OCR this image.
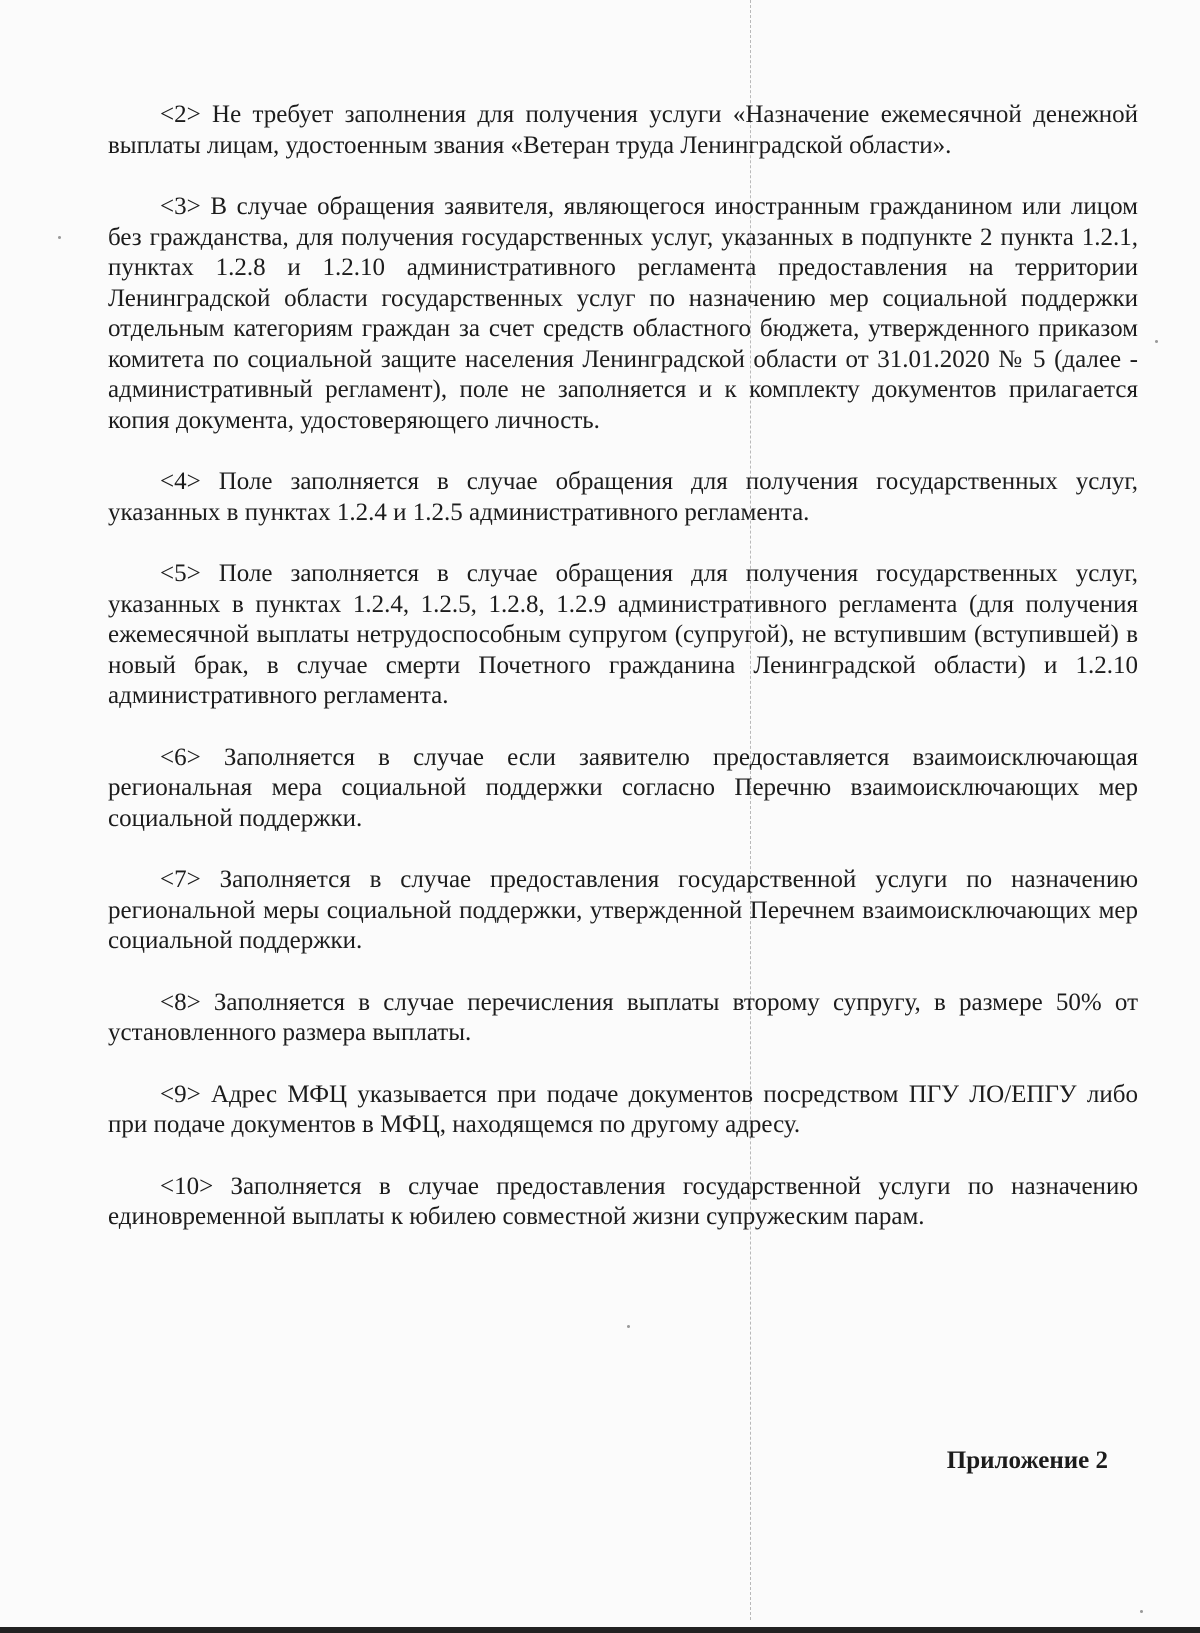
<2> Не требует заполнения для получения услуги «Назначение ежемесячной денежной выплаты лицам, удостоенным звания «Ветеран труда Ленинградской области».

<3> В случае обращения заявителя, являющегося иностранным гражданином или лицом без гражданства, для получения государственных услуг, указанных в подпункте 2 пункта 1.2.1, пунктах 1.2.8 и 1.2.10 административного регламента предоставления на территории Ленинградской области государственных услуг по назначению мер социальной поддержки отдельным категориям граждан за счет средств областного бюджета, утвержденного приказом комитета по социальной защите населения Ленинградской области от 31.01.2020 № 5 (далее - административный регламент), поле не заполняется и к комплекту документов прилагается копия документа, удостоверяющего личность.

<4> Поле заполняется в случае обращения для получения государственных услуг, указанных в пунктах 1.2.4 и 1.2.5 административного регламента.

<5> Поле заполняется в случае обращения для получения государственных услуг, указанных в пунктах 1.2.4, 1.2.5, 1.2.8, 1.2.9 административного регламента (для получения ежемесячной выплаты нетрудоспособным супругом (супругой), не вступившим (вступившей) в новый брак, в случае смерти Почетного гражданина Ленинградской области) и 1.2.10 административного регламента.

<6> Заполняется в случае если заявителю предоставляется взаимоисключающая региональная мера социальной поддержки согласно Перечню взаимоисключающих мер социальной поддержки.

<7> Заполняется в случае предоставления государственной услуги по назначению региональной меры социальной поддержки, утвержденной Перечнем взаимоисключающих мер социальной поддержки.

<8> Заполняется в случае перечисления выплаты второму супругу, в размере 50% от установленного размера выплаты.

<9> Адрес МФЦ указывается при подаче документов посредством ПГУ ЛО/ЕПГУ либо при подаче документов в МФЦ, находящемся по другому адресу.

<10> Заполняется в случае предоставления государственной услуги по назначению единовременной выплаты к юбилею совместной жизни супружеским парам.

Приложение 2
